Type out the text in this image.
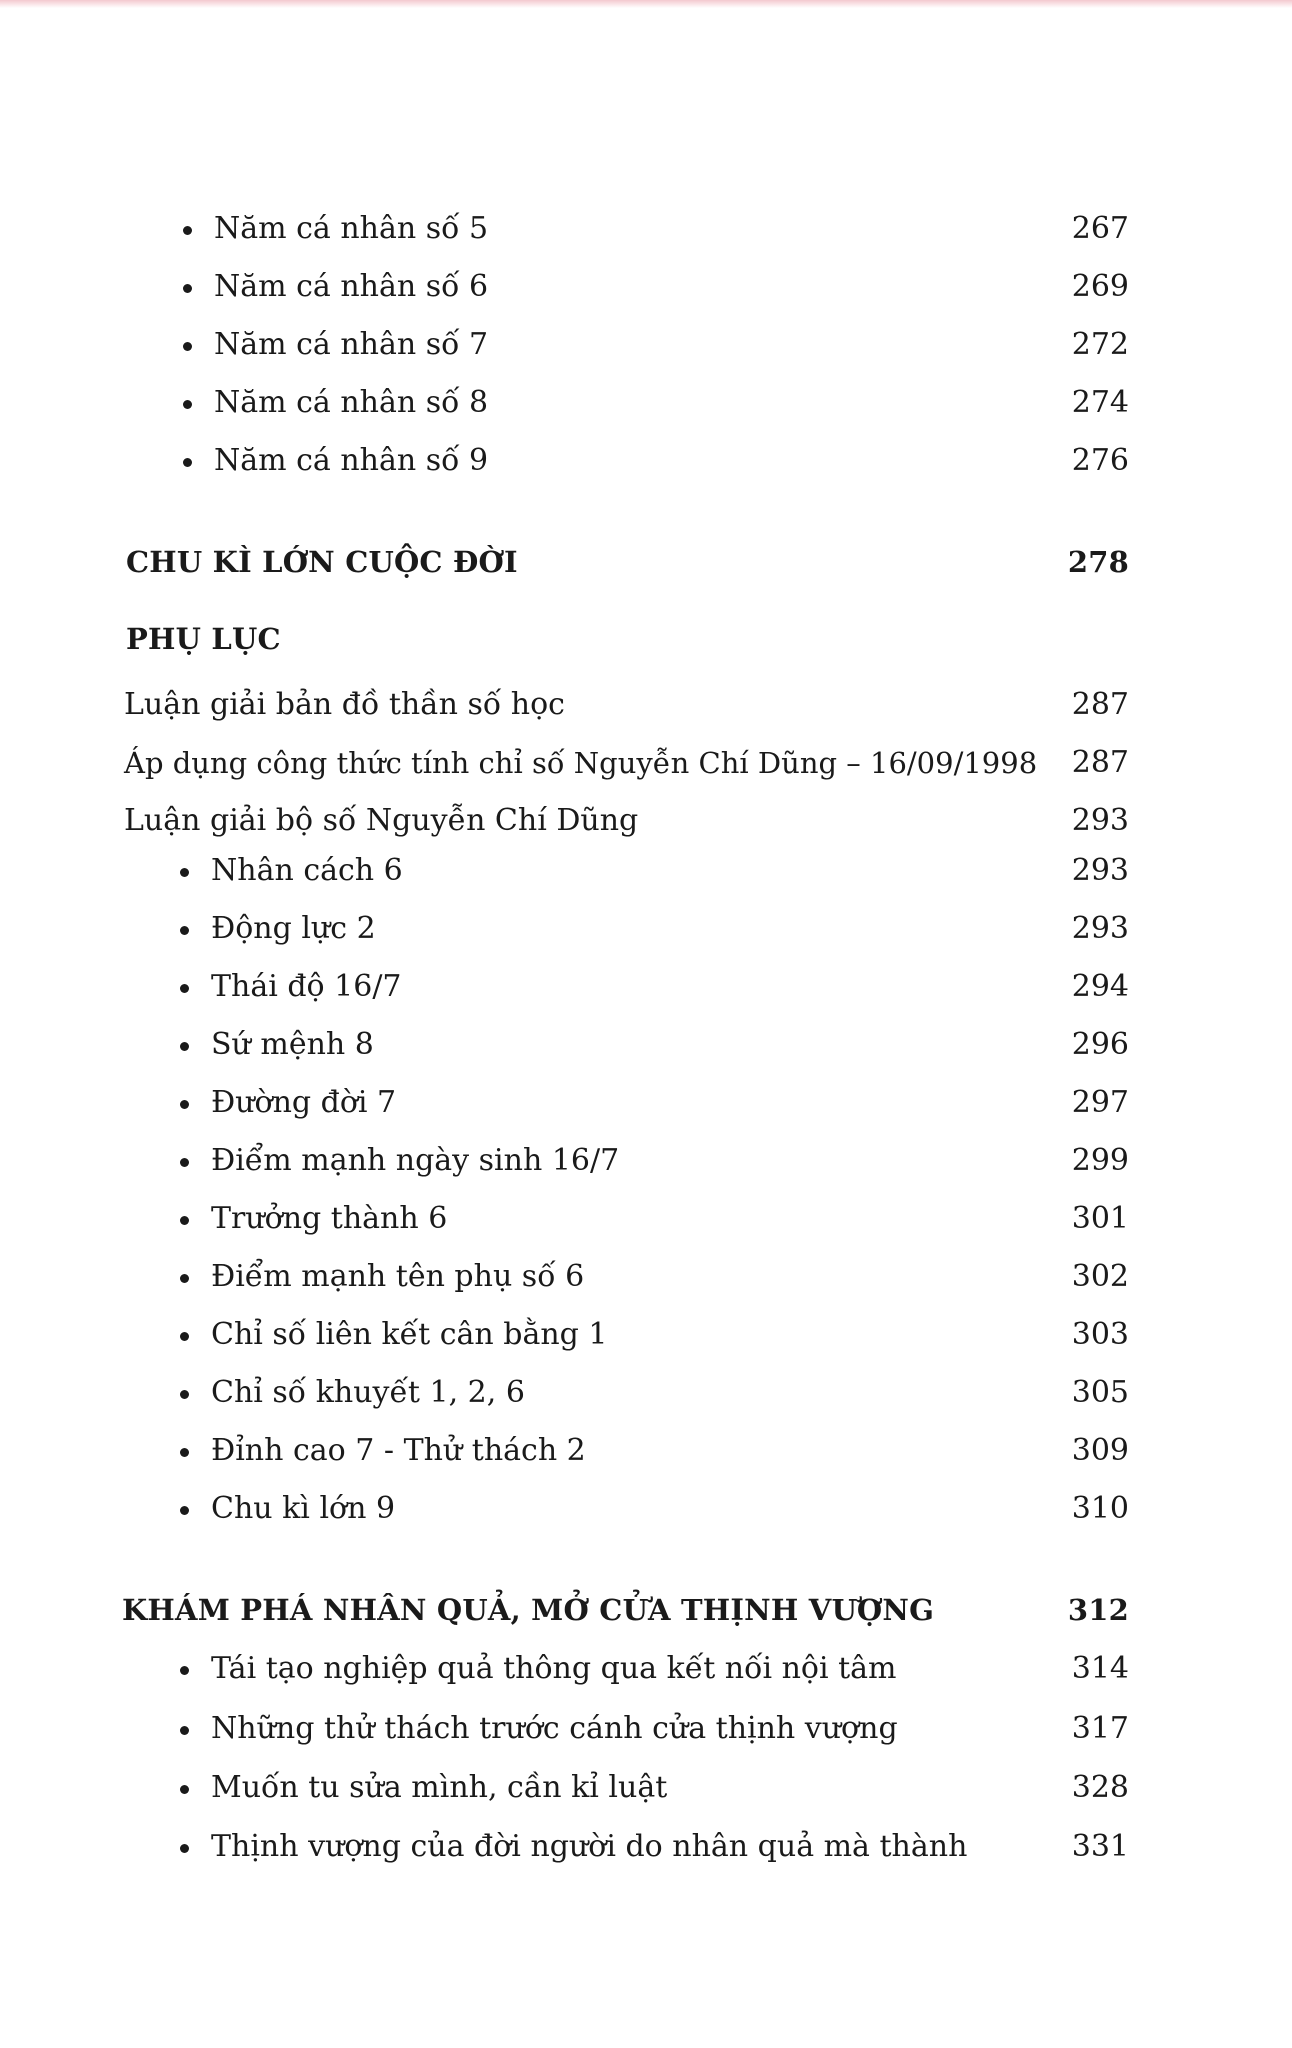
Năm cá nhân số 5	267
Năm cá nhân số 6	269
Năm cá nhân số 7	272
Năm cá nhân số 8	274
Năm cá nhân số 9	276
CHU KÌ LỚN CUỘC ĐỜI	278
PHỤ LỤC
Luận giải bản đồ thần số học	287
Áp dụng công thức tính chỉ số Nguyễn Chí Dũng – 16/09/1998 287
Luận giải bộ số Nguyễn Chí Dũng	293
Nhân cách 6	293
Động lực 2	293
Thái độ 16/7	294
Sứ mệnh 8	296
Đường đời 7	297
Điểm mạnh ngày sinh 16/7	299
Trưởng thành 6	301
Điểm mạnh tên phụ số 6	302
Chỉ số liên kết cân bằng 1	303
Chỉ số khuyết 1, 2, 6	305
Đỉnh cao 7 - Thử thách 2	309
Chu kì lớn 9	310
KHÁM PHÁ NHÂN QUẢ, MỞ CỬA THỊNH VƯỢNG	312
Tái tạo nghiệp quả thông qua kết nối nội tâm	314
Những thử thách trước cánh cửa thịnh vượng	317
Muốn tu sửa mình, cần kỉ luật	328
Thịnh vượng của đời người do nhân quả mà thành	331
